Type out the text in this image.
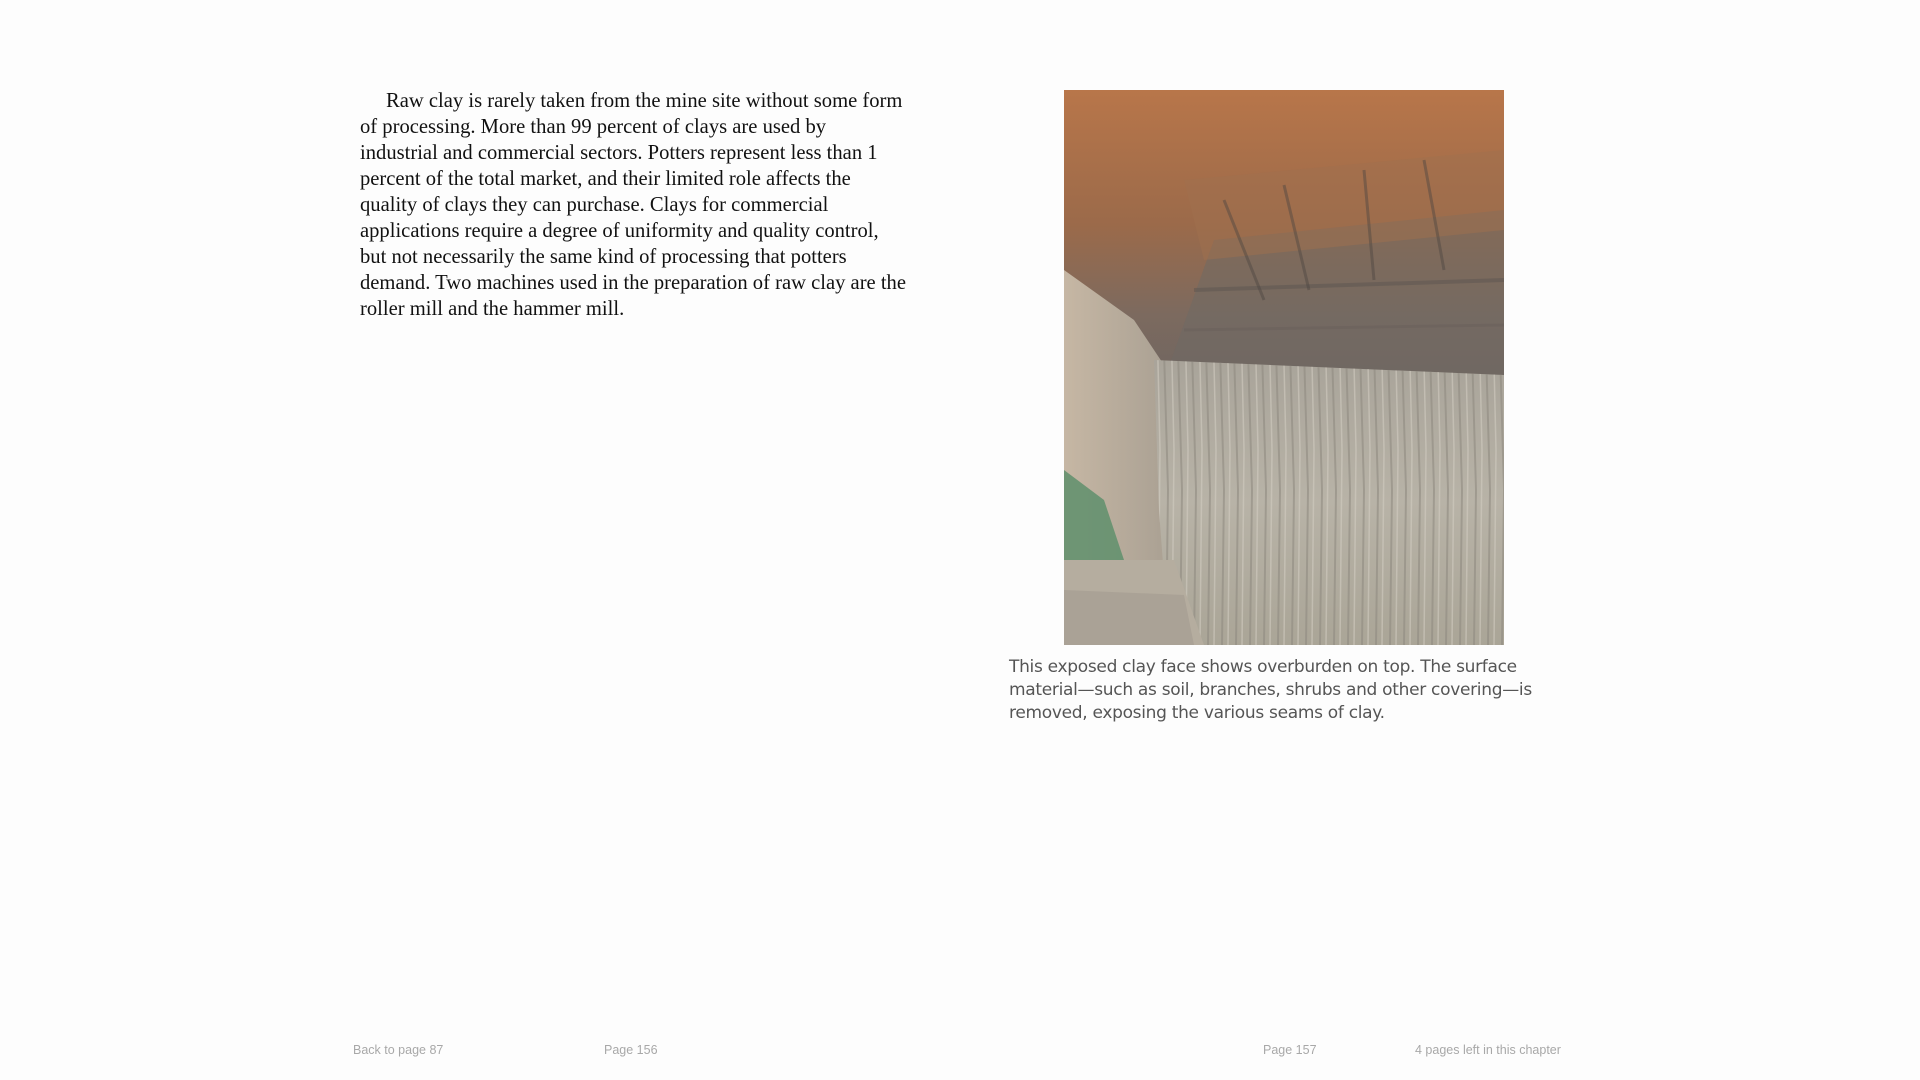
Raw clay is rarely taken from the mine site without some form of processing. More than 99 percent of clays are used by industrial and commercial sectors. Potters represent less than 1 percent of the total market, and their limited role affects the quality of clays they can purchase. Clays for commercial applications require a degree of uniformity and quality control, but not necessarily the same kind of processing that potters demand. Two machines used in the preparation of raw clay are the roller mill and the hammer mill.

This exposed clay face shows overburden on top. The surface material—such as soil, branches, shrubs and other covering—is removed, exposing the various seams of clay.

Back to page 87	Page 156	Page 157	4 pages left in this chapter
